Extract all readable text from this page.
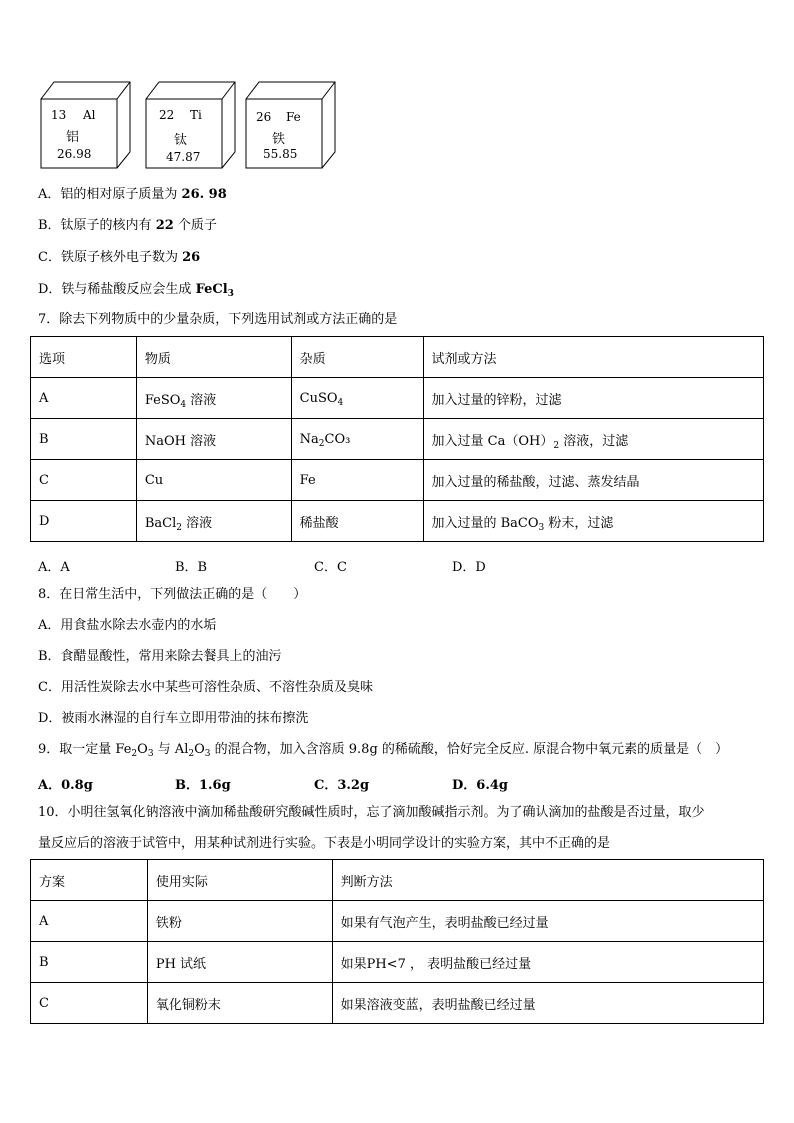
13 Al
铝
26.98
22 Ti
钛
47.87
26 Fe
铁
55.85
A．铝的相对原子质量为 26. 98
B．钛原子的核内有 22 个质子
C．铁原子核外电子数为 26
D．铁与稀盐酸反应会生成 FeCl$_3$
7．除去下列物质中的少量杂质，下列选用试剂或方法正确的是
选项	物质	杂质	试剂或方法
A	FeSO$_4$ 溶液	CuSO$_4$	加入过量的锌粉，过滤
B	NaOH 溶液	$Na_2CO_3$	加入过量 $Ca(OH)_2$ 溶液，过滤
C	Cu	Fe	加入过量的稀盐酸，过滤、蒸发结晶
D	BaCl$_2$ 溶液	稀盐酸	加入过量的 BaCO$_3$ 粉末，过滤
A．A	B．B	C．C	D．D
8．在日常生活中，下列做法正确的是（　　）
A．用食盐水除去水壶内的水垢
B．食醋显酸性，常用来除去餐具上的油污
C．用活性炭除去水中某些可溶性杂质、不溶性杂质及臭味
D．被雨水淋湿的自行车立即用带油的抹布擦洗
9．取一定量 $Fe_2O_3$ 与 $Al_2O_3$ 的混合物，加入含溶质 9.8g 的稀硫酸，恰好完全反应. 原混合物中氧元素的质量是（　）
A．0.8g	B．1.6g	C．3.2g	D．6.4g
10．小明往氢氧化钠溶液中滴加稀盐酸研究酸碱性质时，忘了滴加酸碱指示剂。为了确认滴加的盐酸是否过量，取少
量反应后的溶液于试管中，用某种试剂进行实验。下表是小明同学设计的实验方案，其中不正确的是
方案	使用实际	判断方法
A	铁粉	如果有气泡产生，表明盐酸已经过量
B	PH 试纸	如果PH<7 ， 表明盐酸已经过量
C	氧化铜粉末	如果溶液变蓝，表明盐酸已经过量
